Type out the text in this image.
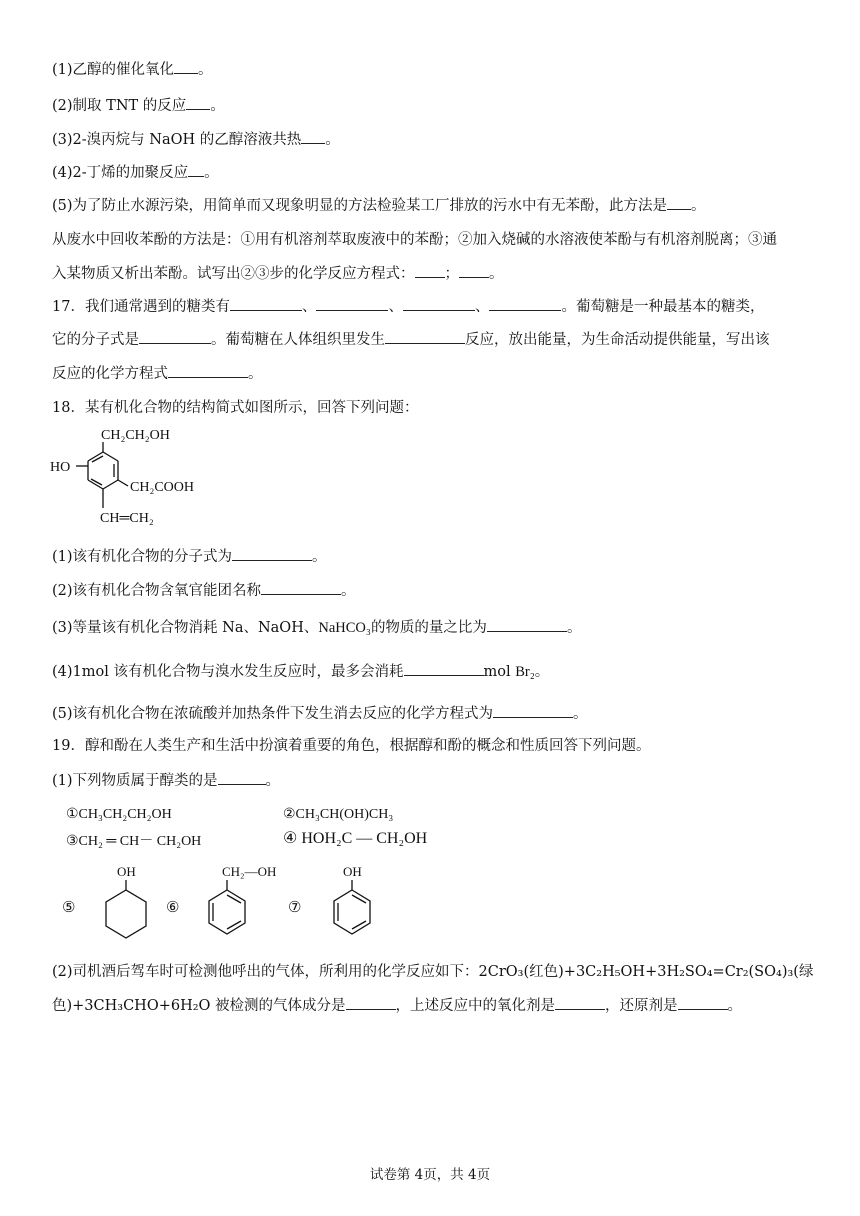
(1)乙醇的催化氧化 。
(2)制取 TNT 的反应 。
(3)2-溴丙烷与 NaOH 的乙醇溶液共热 。
(4)2-丁烯的加聚反应 。
(5)为了防止水源污染，用简单而又现象明显的方法检验某工厂排放的污水中有无苯酚，此方法是 。
从废水中回收苯酚的方法是：①用有机溶剂萃取废液中的苯酚；②加入烧碱的水溶液使苯酚与有机溶剂脱离；③通
入某物质又析出苯酚。试写出②③步的化学反应方程式： ； 。
17．我们通常遇到的糖类有	、	、	、	。葡萄糖是一种最基本的糖类，
它的分子式是	。葡萄糖在人体组织里发生	反应，放出能量，为生命活动提供能量，写出该
反应的化学方程式	。
18．某有机化合物的结构简式如图所示，回答下列问题：
CH₂CH₂OH
HO
CH₂COOH
CH═CH₂
(1)该有机化合物的分子式为	。
(2)该有机化合物含氧官能团名称	。
(3)等量该有机化合物消耗 Na、NaOH、NaHCO₃的物质的量之比为	。
(4)1mol 该有机化合物与溴水发生反应时，最多会消耗	mol Br₂。
(5)该有机化合物在浓硫酸并加热条件下发生消去反应的化学方程式为	。
19．醇和酚在人类生产和生活中扮演着重要的角色，根据醇和酚的概念和性质回答下列问题。
(1)下列物质属于醇类的是	。
①CH₃CH₂CH₂OH	②CH₃CH(OH)CH₃
③CH₂ ═ CH－ CH₂OH	④ HOH₂C — CH₂OH
⑤	⑥	⑦
OH	CH₂—OH	OH
(2)司机酒后驾车时可检测他呼出的气体，所利用的化学反应如下：2CrO₃(红色)+3C₂H₅OH+3H₂SO₄=Cr₂(SO₄)₃(绿
色)+3CH₃CHO+6H₂O 被检测的气体成分是	，上述反应中的氧化剂是	，还原剂是	。
试卷第 4页，共 4页
